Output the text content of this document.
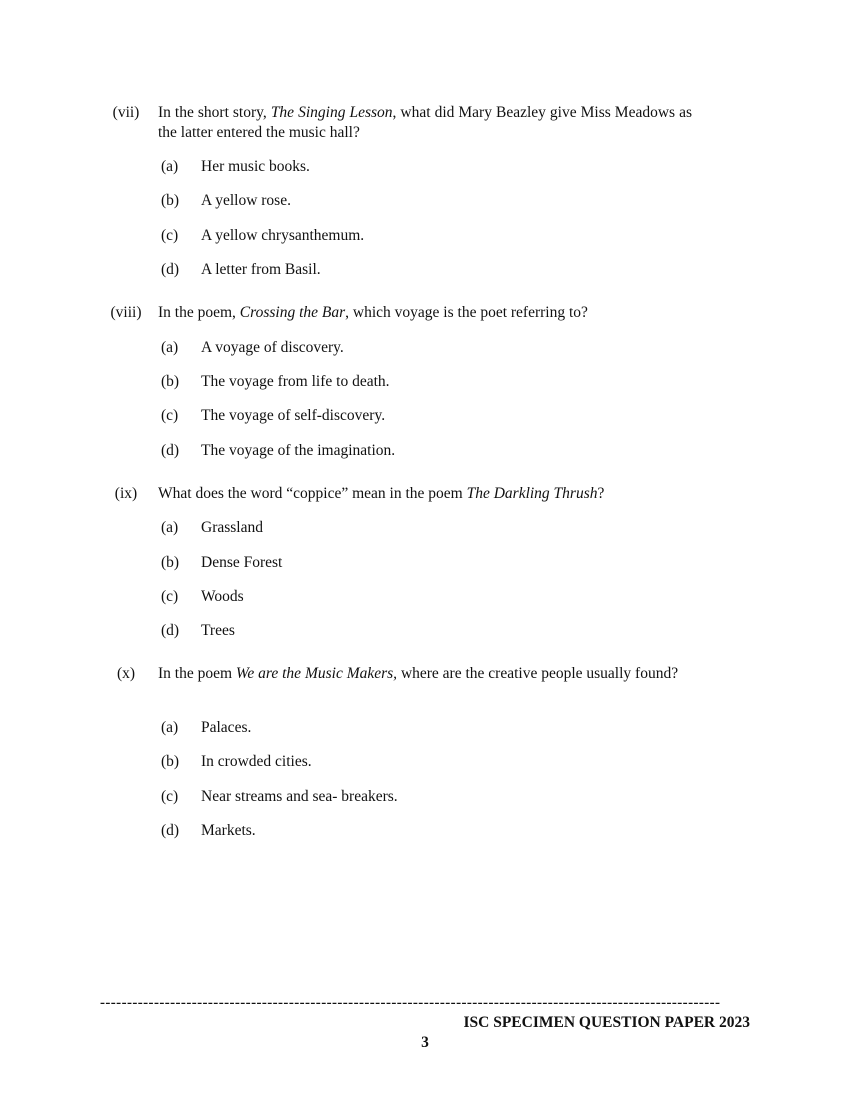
(vii)	In the short story, The Singing Lesson, what did Mary Beazley give Miss Meadows as the latter entered the music hall?
(a) Her music books.
(b) A yellow rose.
(c) A yellow chrysanthemum.
(d) A letter from Basil.
(viii)	In the poem, Crossing the Bar, which voyage is the poet referring to?
(a) A voyage of discovery.
(b) The voyage from life to death.
(c) The voyage of self-discovery.
(d) The voyage of the imagination.
(ix)	What does the word “coppice” mean in the poem The Darkling Thrush?
(a) Grassland
(b) Dense Forest
(c) Woods
(d) Trees
(x)	In the poem We are the Music Makers, where are the creative people usually found?
(a) Palaces.
(b) In crowded cities.
(c) Near streams and sea- breakers.
(d) Markets.
-------------------------------------------------------------------------------------------------------------------
ISC SPECIMEN QUESTION PAPER 2023
3
